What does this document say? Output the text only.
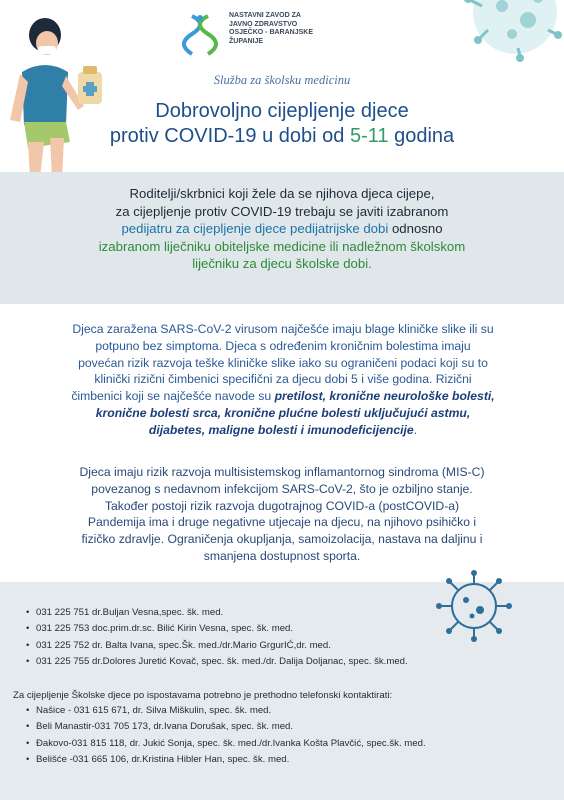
NASTAVNI ZAVOD ZA
JAVNO ZDRAVSTVO
OSJEČKO - BARANJSKE
ŽUPANIJE
Služba za školsku medicinu
Dobrovoljno cijepljenje djece
protiv COVID-19 u dobi od 5-11 godina
Roditelji/skrbnici koji žele da se njihova djeca cijepe,
za cijepljenje protiv COVID-19 trebaju se javiti izabranom
pedijatru za cijepljenje djece pedijatrijske dobi odnosno
izabranom liječniku obiteljske medicine ili nadležnom školskom
liječniku za djecu školske dobi.
Djeca zaražena SARS-CoV-2 virusom najčešće imaju blage kliničke slike ili su
potpuno bez simptoma. Djeca s određenim kroničnim bolestima imaju
povećan rizik razvoja teške kliničke slike iako su ograničeni podaci koji su to
klinički rizični čimbenici specifični za djecu dobi 5 i više godina. Rizični
čimbenici koji se najčešće navode su pretilost, kronične neurološke bolesti,
kronične bolesti srca, kronične plućne bolesti uključujući astmu,
dijabetes, maligne bolesti i imunodeficijencije.
Djeca imaju rizik razvoja multisistemskog inflamantornog sindroma (MIS-C)
povezanog s nedavnom infekcijom SARS-CoV-2, što je ozbiljno stanje.
Također postoji rizik razvoja dugotrajnog COVID-a (postCOVID-a)
Pandemija ima i druge negativne utjecaje na djecu, na njihovo psihičko i
fizičko zdravlje. Ograničenja okupljanja, samoizolacija, nastava na daljinu i
smanjena dostupnost sporta.
• 031 225 751 dr.Buljan Vesna,spec. šk. med.
• 031 225 753 doc.prim.dr.sc. Bilić Kirin Vesna, spec. šk. med.
• 031 225 752 dr. Balta Ivana, spec.Šk. med./dr.Mario GrgurIĆ,dr. med.
• 031 225 755 dr.Dolores Juretić Kovač, spec. šk. med./dr. Dalija Doljanac, spec. šk.med.
Za cijepljenje Školske djece po ispostavama potrebno je prethodno telefonski kontaktirati:
• Našice - 031 615 671, dr. Silva Miškulin, spec. šk. med.
• Beli Manastir-031 705 173, dr.Ivana Dorušak, spec. šk. med.
• Đakovo-031 815 118, dr. Jukić Sonja, spec. šk. med./dr.Ivanka Košta Plavčić, spec.šk. med.
• Belišće -031 665 106, dr.Kristina Hibler Han, spec. šk. med.
